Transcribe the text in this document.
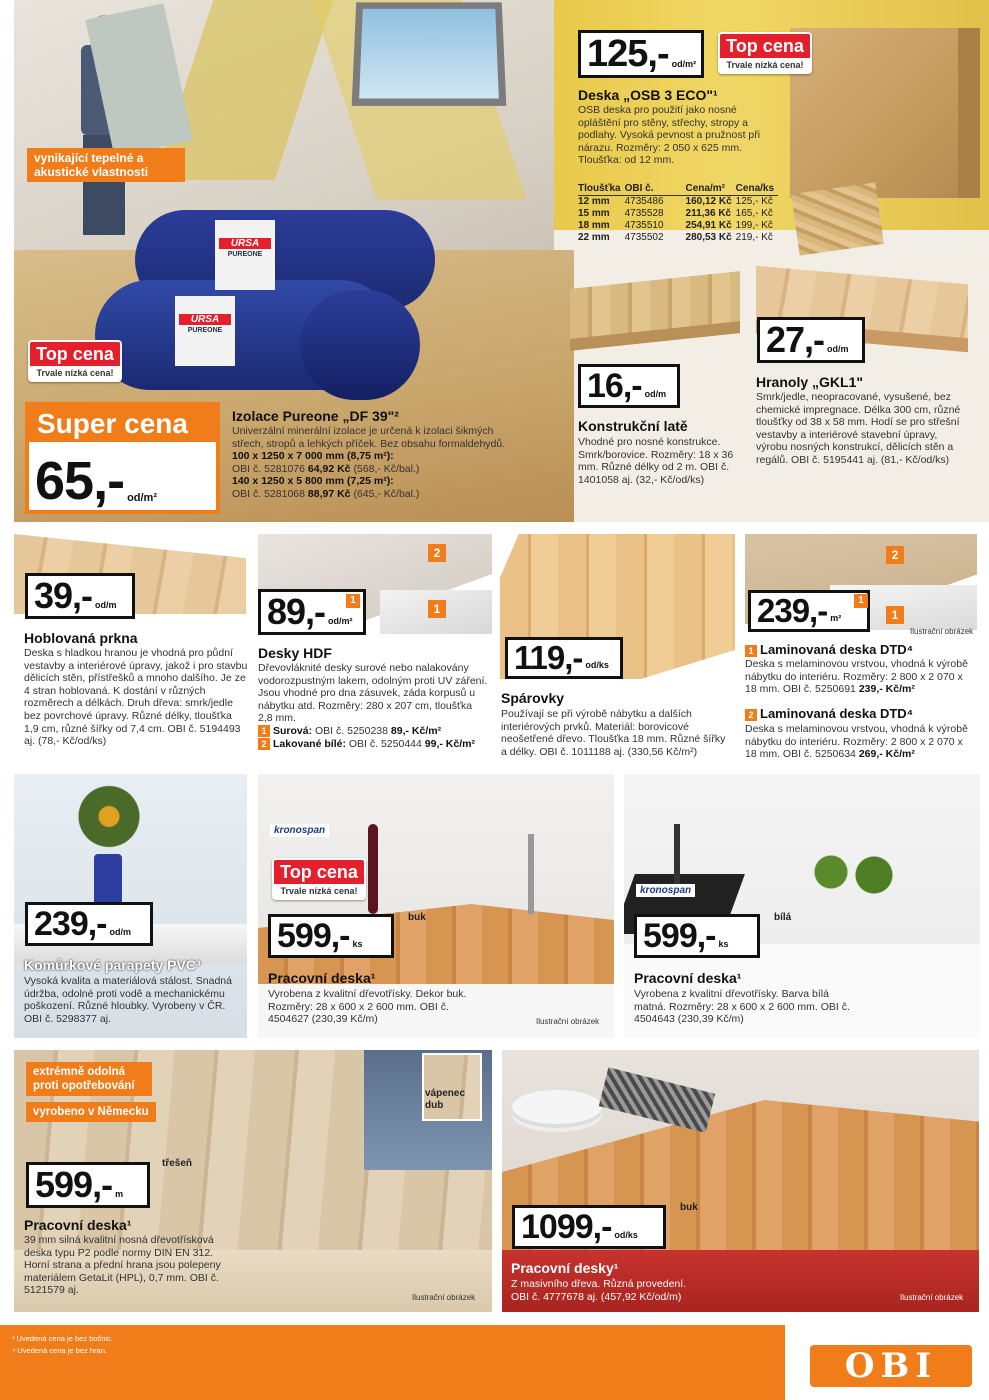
URSA
PUREONE
URSA
PUREONE
vynikající tepelné a akustické vlastnosti
Top cena
Trvale nízká cena!
Super cena
65,- od/m²
Izolace Pureone „DF 39"²
Univerzální minerální izolace je určená k izolaci šikmých střech, stropů a lehkých příček. Bez obsahu formaldehydů.
100 x 1250 x 7 000 mm (8,75 m²):
OBI č. 5281076 64,92 Kč (568,- Kč/bal.)
140 x 1250 x 5 800 mm (7,25 m²):
OBI č. 5281068 88,97 Kč (645,- Kč/bal.)
125,- od/m²
Top cena
Trvale nízká cena!
Deska „OSB 3 ECO"¹
OSB deska pro použití jako nosné opláštění pro stěny, střechy, stropy a podlahy. Vysoká pevnost a pružnost při nárazu. Rozměry: 2 050 x 625 mm. Tloušťka: od 12 mm.
Tloušťka	OBI č.	Cena/m²	Cena/ks
12 mm	4735486	160,12 Kč	125,- Kč
15 mm	4735528	211,36 Kč	165,- Kč
18 mm	4735510	254,91 Kč	199,- Kč
22 mm	4735502	280,53 Kč	219,- Kč
16,- od/m
Konstrukční latě
Vhodné pro nosné konstrukce. Smrk/borovice. Rozměry: 18 x 36 mm. Různé délky od 2 m. OBI č. 1401058 aj. (32,- Kč/od/ks)
27,- od/m
Hranoly „GKL1"
Smrk/jedle, neopracované, vysušené, bez chemické impregnace. Délka 300 cm, různé tloušťky od 38 x 58 mm. Hodí se pro střešní vestavby a interiérové stavební úpravy, výrobu nosných konstrukcí, dělicích stěn a regálů. OBI č. 5195441 aj. (81,- Kč/od/ks)
39,- od/m
Hoblovaná prkna
Deska s hladkou hranou je vhodná pro půdní vestavby a interiérové úpravy, jakož i pro stavbu dělicích stěn, přístřešků a mnoho dalšího. Je ze 4 stran hoblovaná. K dostání v různých rozměrech a délkách. Druh dřeva: smrk/jedle bez povrchové úpravy. Různé délky, tloušťka 1,9 cm, různé šířky od 7,4 cm. OBI č. 5194493 aj. (78,- Kč/od/ks)
2
1
89,- od/m²
1
Desky HDF
Dřevovláknité desky surové nebo nalakovány vodorozpustným lakem, odolným proti UV záření. Jsou vhodné pro dna zásuvek, záda korpusů u nábytku atd. Rozměry: 280 x 207 cm, tloušťka 2,8 mm.
1 Surová: OBI č. 5250238 89,- Kč/m²
2 Lakované bílé: OBI č. 5250444 99,- Kč/m²
119,- od/ks
Spárovky
Používají se při výrobě nábytku a dalších interiérových prvků. Materiál: borovicové neošetřené dřevo. Tloušťka 18 mm. Různé šířky a délky. OBI č. 1011188 aj. (330,56 Kč/m²)
2
1
Ilustrační obrázek
239,- m²
1
1 Laminovaná deska DTD⁴
Deska s melaminovou vrstvou, vhodná k výrobě nábytku do interiéru. Rozměry: 2 800 x 2 070 x 18 mm. OBI č. 5250691 239,- Kč/m²
2 Laminovaná deska DTD⁴
Deska s melaminovou vrstvou, vhodná k výrobě nábytku do interiéru. Rozměry: 2 800 x 2 070 x 18 mm. OBI č. 5250634 269,- Kč/m²
239,- od/m
Komůrkové parapety PVC³
Vysoká kvalita a materiálová stálost. Snadná údržba, odolné proti vodě a mechanickému poškození. Různé hloubky. Vyrobeny v ČR. OBI č. 5298377 aj.
kronospan
Top cena
Trvale nízká cena!
buk
599,- ks
Pracovní deska¹
Vyrobena z kvalitní dřevotřísky. Dekor buk. Rozměry: 28 x 600 x 2 600 mm. OBI č. 4504627 (230,39 Kč/m)	Ilustrační obrázek
kronospan
bílá
599,- ks
Pracovní deska¹
Vyrobena z kvalitní dřevotřísky. Barva bílá matná. Rozměry: 28 x 600 x 2 600 mm. OBI č. 4504643 (230,39 Kč/m)
vápenec dub
extrémně odolná proti opotřebování
vyrobeno v Německu
třešeň
599,- m
Pracovní deska¹
39 mm silná kvalitní nosná dřevotřísková deska typu P2 podle normy DIN EN 312. Horní strana a přední hrana jsou polepeny materiálem GetaLit (HPL), 0,7 mm. OBI č. 5121579 aj.
Ilustrační obrázek
buk
1099,- od/ks
Pracovní desky¹
Z masivního dřeva. Různá provedení. OBI č. 4777678 aj. (457,92 Kč/od/m)	Ilustrační obrázek
¹ Uvedená cena je bez bočnic.
⁴ Uvedená cena je bez hran.	OBI
